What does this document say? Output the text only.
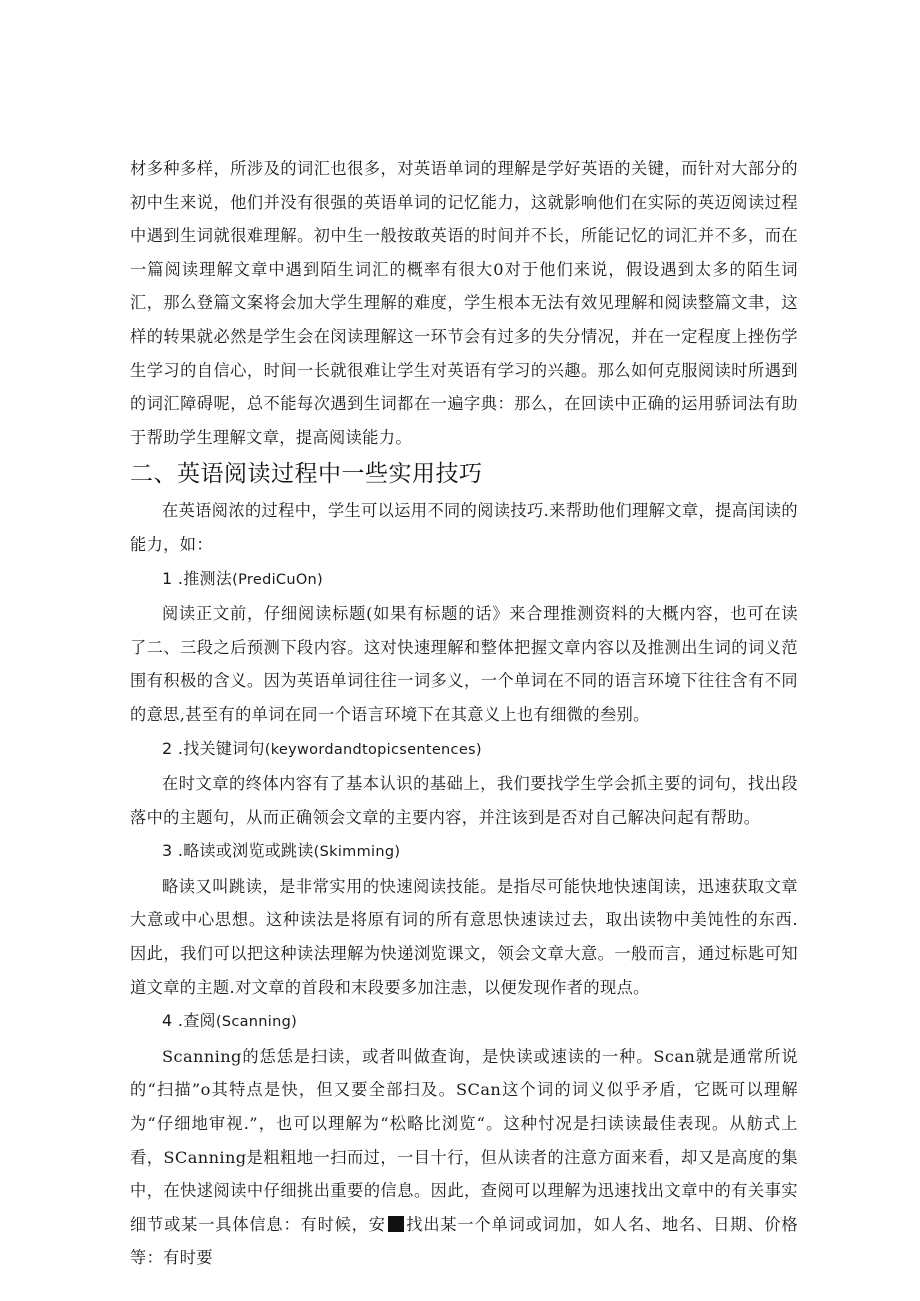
材多种多样，所涉及的词汇也很多，对英语单词的理解是学好英语的关键，而针对大部分的初中生来说，他们并没有很强的英语单词的记忆能力，这就影响他们在实际的英迈阅读过程中遇到生词就很难理解。初中生一般按敢英语的时间并不长，所能记忆的词汇并不多，而在一篇阅读理解文章中遇到陌生词汇的概率有很大0对于他们来说，假设遇到太多的陌生词汇，那么登篇文案将会加大学生理解的难度，学生根本无法有效见理解和阅读整篇文聿，这样的转果就必然是学生会在闵读理解这一环节会有过多的失分情况，并在一定程度上挫伤学生学习的自信心，时间一长就很难让学生对英语有学习的兴趣。那么如何克服阅读时所遇到的词汇障碍呢，总不能每次遇到生词都在一遍字典：那么，在回读中正确的运用骄词法有助于帮助学生理解文章，提高阅读能力。

二、英语阅读过程中一些实用技巧

在英语阅浓的过程中，学生可以运用不同的阅读技巧.来帮助他们理解文章，提高闰读的能力，如：

1 .推测法(PrediCuOn)

阅读正文前，仔细阅读标题(如果有标题的话》来合理推测资料的大概内容，也可在读了二、三段之后预测下段内容。这对快速理解和整体把握文章内容以及推测出生词的词义范围有积极的含义。因为英语单词往往一词多义，一个单词在不同的语言环境下往往含有不同的意思,甚至有的单词在同一个语言环境下在其意义上也有细微的叁别。

2 .找关键词句(keywordandtopicsentences)

在时文章的终体内容有了基本认识的基础上，我们要找学生学会抓主要的词句，找出段落中的主题句，从而正确领会文章的主要内容，并注该到是否对自己解决问起有帮助。

3 .略读或浏览或跳读(Skimming)

略读又叫跳读，是非常实用的快速阅读技能。是指尽可能快地快速闺读，迅速获取文章大意或中心思想。这种读法是将原有词的所有意思快速读过去，取出读物中美饨性的东西.因此，我们可以把这种读法理解为快递浏览课文，领会文章大意。一般而言，通过标匙可知道文章的主题.对文章的首段和末段要多加注恚，以便发现作者的现点。

4 .查阅(Scanning)

Scanning的恁恁是扫读，或者叫做查询，是快读或速读的一种。Scan就是通常所说的“扫描”o其特点是快，但又要全部扫及。SCan这个词的词义似乎矛盾，它既可以理解为“仔细地审视.”，也可以理解为“松略比浏览“。这种忖况是扫读读最佳表现。从舫式上看，SCanning是粗粗地一扫而过，一目十行，但从读者的注意方面来看，却又是高度的集中，在快逑阅读中仔细挑出重要的信息。因此，查阅可以理解为迅速找出文章中的有关事实细节或某一具体信息：有时候，安 找出某一个单词或词加，如人名、地名、日期、价格等：有时要
